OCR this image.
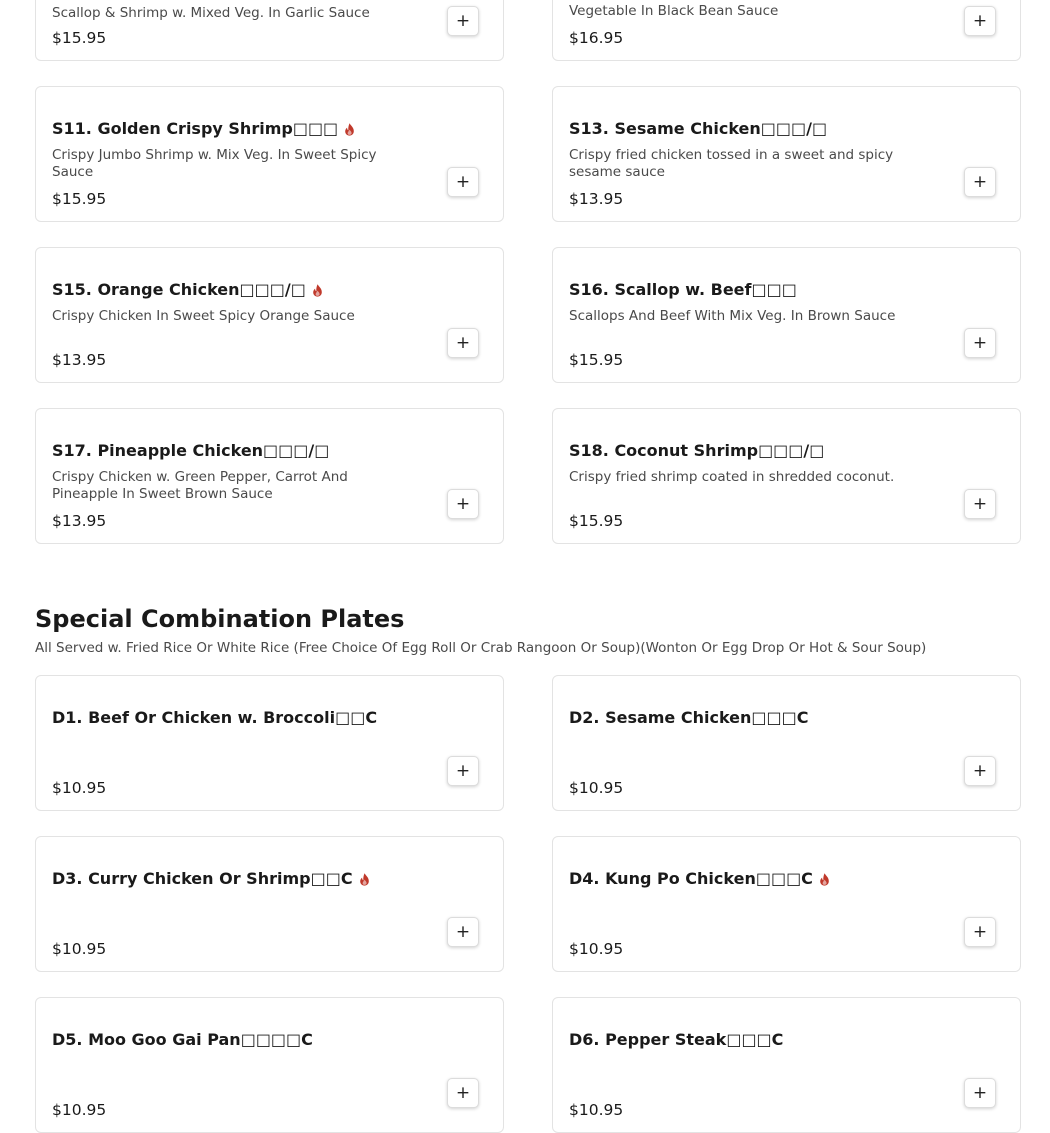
Scallop & Shrimp w. Mixed Veg. In Garlic Sauce
$15.95
+	Vegetable In Black Bean Sauce
$16.95
+
S11. Golden Crispy Shrimp□□□
Crispy Jumbo Shrimp w. Mix Veg. In Sweet Spicy Sauce
$15.95
+
S13. Sesame Chicken□□□/□
Crispy fried chicken tossed in a sweet and spicy sesame sauce
$13.95
+
S15. Orange Chicken□□□/□
Crispy Chicken In Sweet Spicy Orange Sauce
$13.95
+
S16. Scallop w. Beef□□□
Scallops And Beef With Mix Veg. In Brown Sauce
$15.95
+
S17. Pineapple Chicken□□□/□
Crispy Chicken w. Green Pepper, Carrot And Pineapple In Sweet Brown Sauce
$13.95
+
S18. Coconut Shrimp□□□/□
Crispy fried shrimp coated in shredded coconut.
$15.95
+
Special Combination Plates
All Served w. Fried Rice Or White Rice (Free Choice Of Egg Roll Or Crab Rangoon Or Soup)(Wonton Or Egg Drop Or Hot & Sour Soup)
D1. Beef Or Chicken w. Broccoli□□C
$10.95
+
D2. Sesame Chicken□□□C
$10.95
+
D3. Curry Chicken Or Shrimp□□C
$10.95
+
D4. Kung Po Chicken□□□C
$10.95
+
D5. Moo Goo Gai Pan□□□□C
$10.95
+
D6. Pepper Steak□□□C
$10.95
+
